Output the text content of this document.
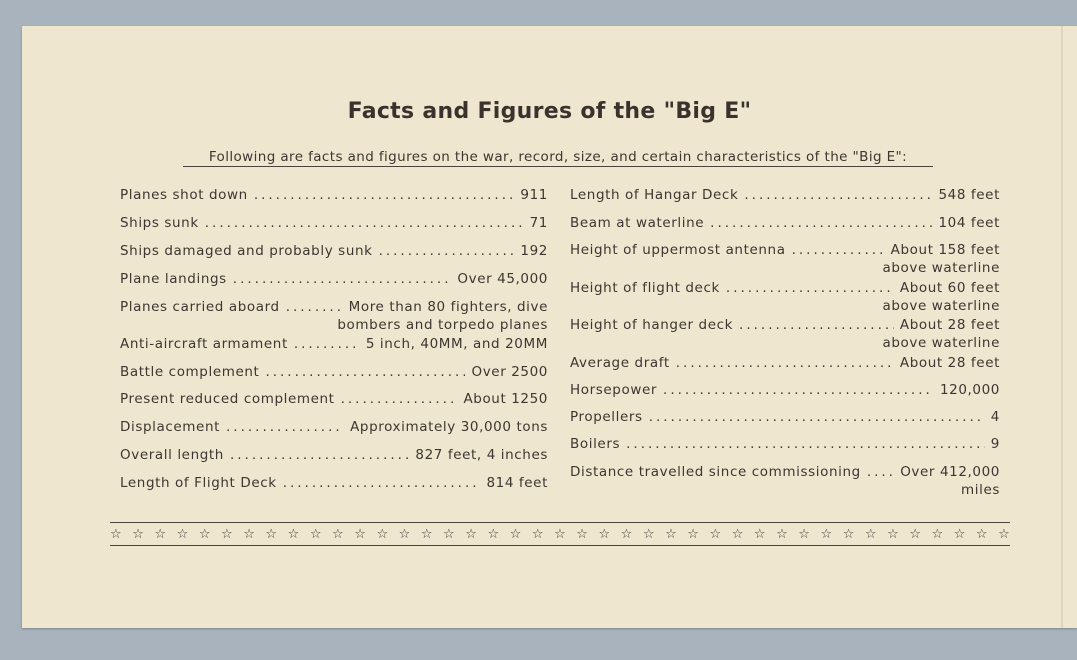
Facts and Figures of the "Big E"
Following are facts and figures on the war, record, size, and certain characteristics of the "Big E":
Planes shot down .....	911
Ships sunk .....	71
Ships damaged and probably sunk .....	192
Plane landings .....	Over 45,000
Planes carried aboard .....	More than 80 fighters, dive
bombers and torpedo planes
Anti-aircraft armament .....	5 inch, 40MM, and 20MM
Battle complement .....	Over 2500
Present reduced complement .....	About 1250
Displacement .....	Approximately 30,000 tons
Overall length .....	827 feet, 4 inches
Length of Flight Deck .....	814 feet
Length of Hangar Deck .....	548 feet
Beam at waterline .....	104 feet
Height of uppermost antenna .....	About 158 feet
above waterline
Height of flight deck .....	About 60 feet
above waterline
Height of hanger deck .....	About 28 feet
above waterline
Average draft .....	About 28 feet
Horsepower .....	120,000
Propellers .....	4
Boilers .....	9
Distance travelled since commissioning .....	Over 412,000
miles
☆ ☆ ☆ ☆ ☆ ☆ ☆ ☆ ☆ ☆ ☆ ☆ ☆ ☆ ☆ ☆ ☆ ☆ ☆ ☆ ☆ ☆ ☆ ☆ ☆ ☆ ☆ ☆ ☆ ☆ ☆ ☆ ☆ ☆ ☆ ☆ ☆ ☆ ☆ ☆ ☆
